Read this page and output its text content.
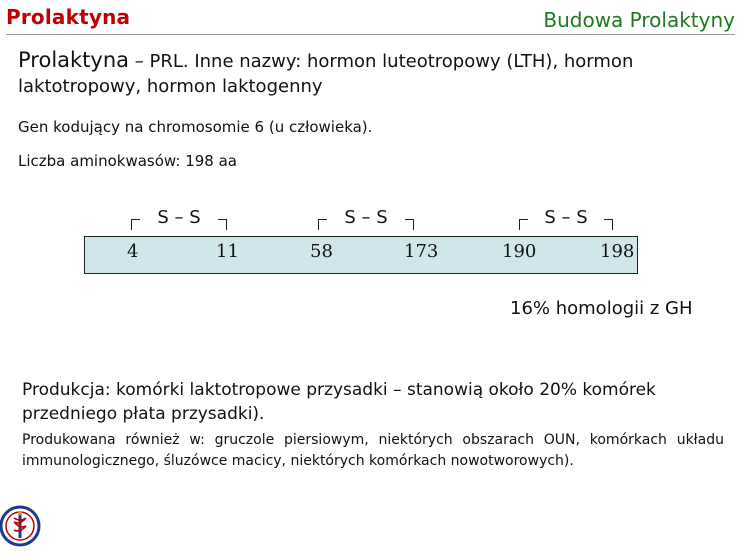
Prolaktyna	Budowa Prolaktyny
Prolaktyna – PRL. Inne nazwy: hormon luteotropowy (LTH), hormon laktotropowy, hormon laktogenny
Gen kodujący na chromosomie 6 (u człowieka).
Liczba aminokwasów: 198 aa
S – S	S – S	S – S
4	11	58	173	190	198
16% homologii z GH
Produkcja: komórki laktotropowe przysadki – stanowią około 20% komórek przedniego płata przysadki).
Produkowana również w: gruczole piersiowym, niektórych obszarach OUN, komórkach układu immunologicznego, śluzówce macicy, niektórych komórkach nowotworowych).
